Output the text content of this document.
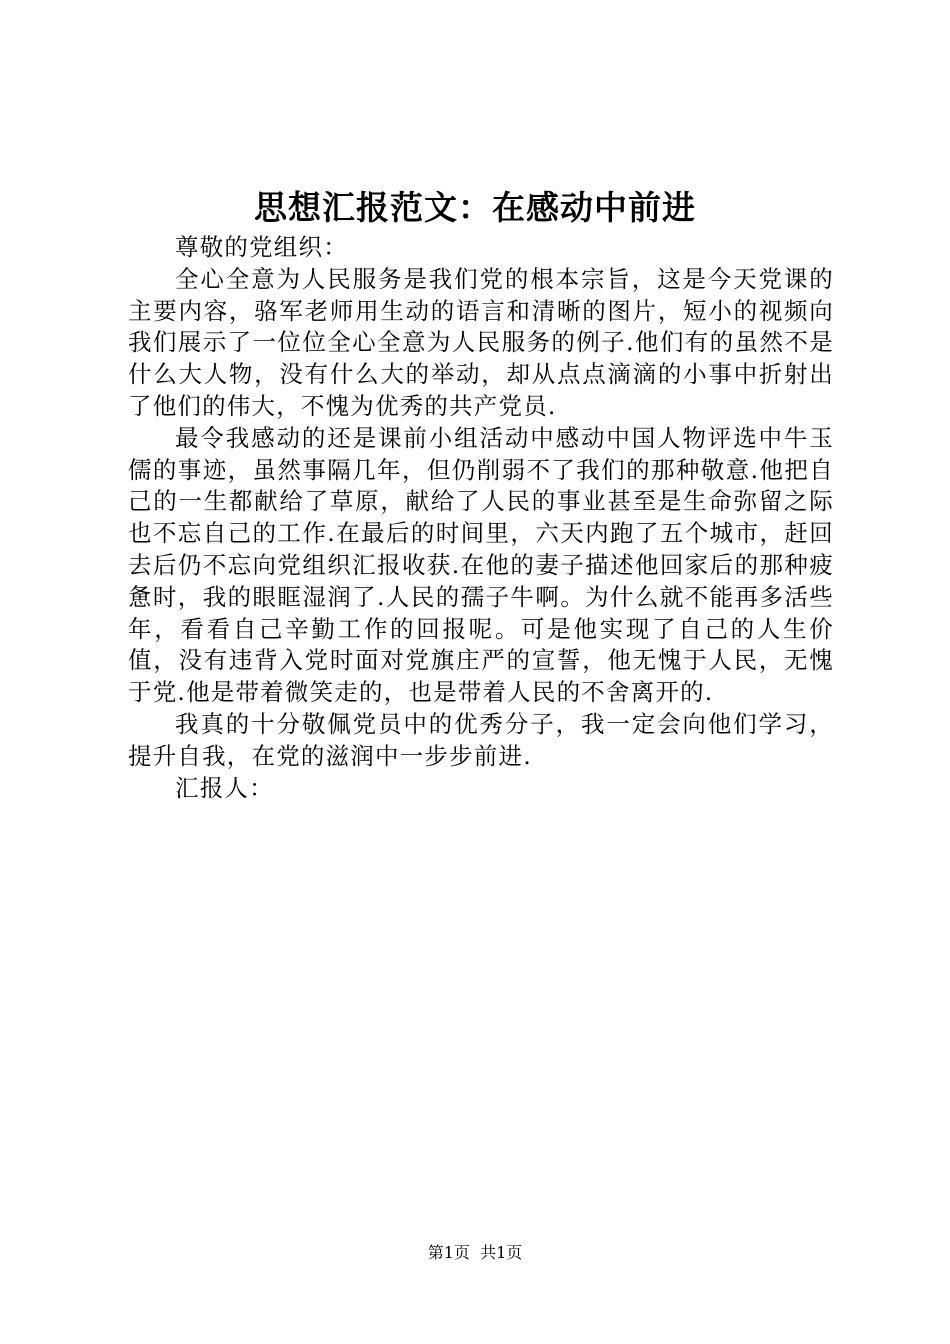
思想汇报范文：在感动中前进

尊敬的党组织：

全心全意为人民服务是我们党的根本宗旨，这是今天党课的主要内容，骆军老师用生动的语言和清晰的图片，短小的视频向我们展示了一位位全心全意为人民服务的例子.他们有的虽然不是什么大人物，没有什么大的举动，却从点点滴滴的小事中折射出了他们的伟大，不愧为优秀的共产党员.

最令我感动的还是课前小组活动中感动中国人物评选中牛玉儒的事迹，虽然事隔几年，但仍削弱不了我们的那种敬意.他把自己的一生都献给了草原，献给了人民的事业甚至是生命弥留之际也不忘自己的工作.在最后的时间里，六天内跑了五个城市，赶回去后仍不忘向党组织汇报收获.在他的妻子描述他回家后的那种疲惫时，我的眼眶湿润了.人民的孺子牛啊。为什么就不能再多活些年，看看自己辛勤工作的回报呢。可是他实现了自己的人生价值，没有违背入党时面对党旗庄严的宣誓，他无愧于人民，无愧于党.他是带着微笑走的，也是带着人民的不舍离开的.

我真的十分敬佩党员中的优秀分子，我一定会向他们学习，提升自我，在党的滋润中一步步前进.

汇报人：

第1页 共1页
